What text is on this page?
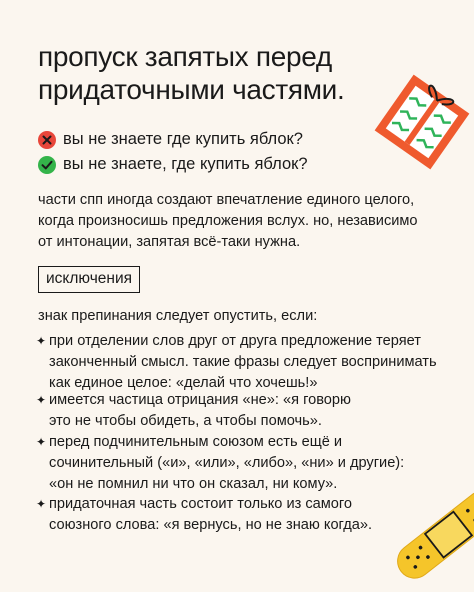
пропуск запятых перед
придаточными частями.
вы не знаете где купить яблок?
вы не знаете, где купить яблок?
части спп иногда создают впечатление единого целого,
когда произносишь предложения вслух. но, независимо
от интонации, запятая всё-таки нужна.
исключения
знак препинания следует опустить, если:
✦ при отделении слов друг от друга предложение теряет
законченный смысл. такие фразы следует воспринимать
как единое целое: «делай что хочешь!»
✦ имеется частица отрицания «не»: «я говорю
это не чтобы обидеть, а чтобы помочь».
✦ перед подчинительным союзом есть ещё и
сочинительный («и», «или», «либо», «ни» и другие):
«он не помнил ни что он сказал, ни кому».
✦ придаточная часть состоит только из самого
союзного слова: «я вернусь, но не знаю когда».
